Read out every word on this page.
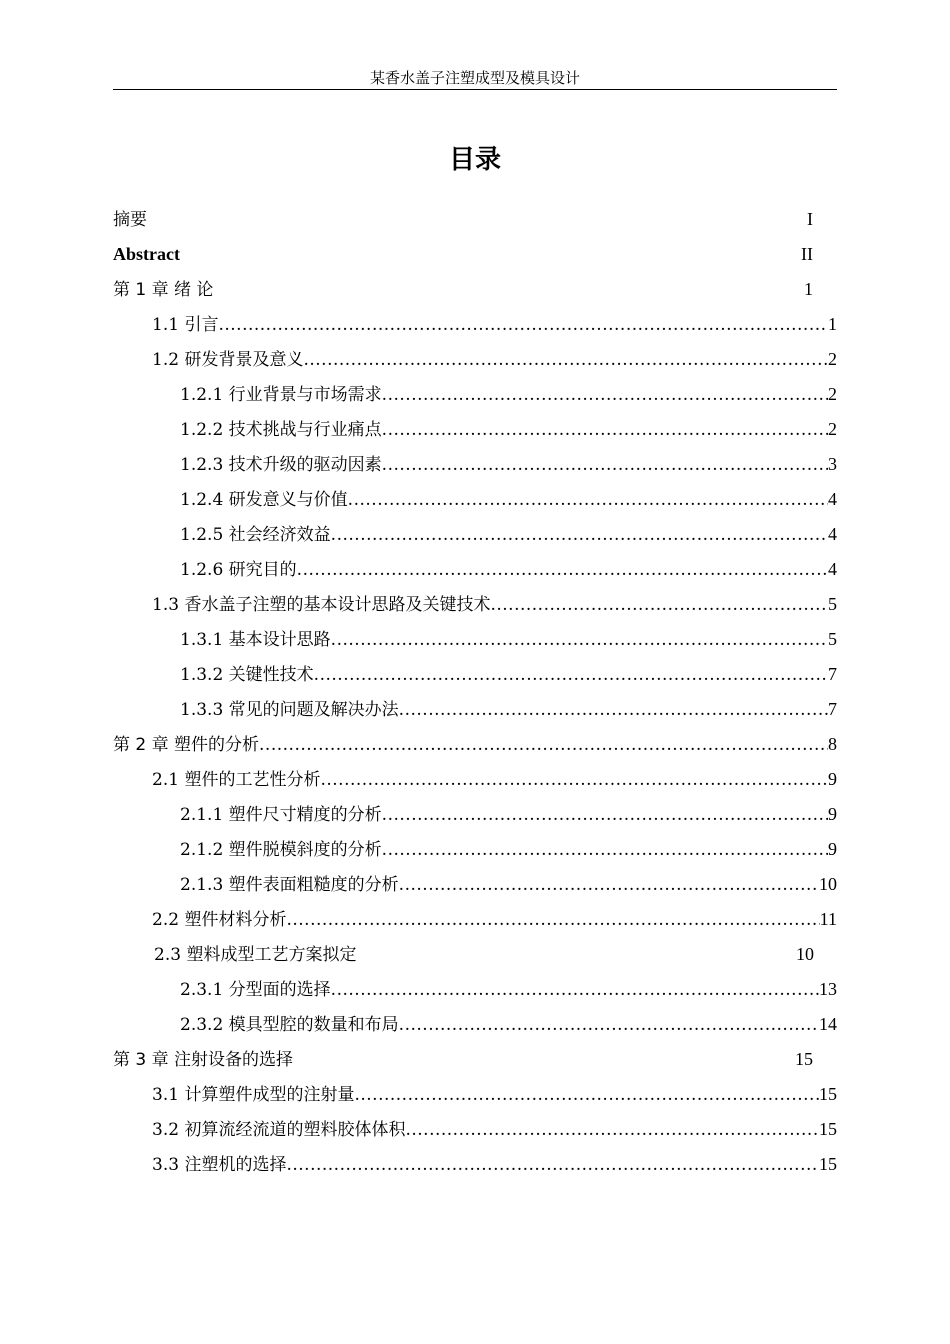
某香水盖子注塑成型及模具设计
目录
摘要	I
Abstract	II
第 1 章 绪 论	1
1.1 引言 .....	1
1.2 研发背景及意义 .....	2
1.2.1 行业背景与市场需求 .....	2
1.2.2 技术挑战与行业痛点 .....	2
1.2.3 技术升级的驱动因素 .....	3
1.2.4 研发意义与价值 .....	4
1.2.5 社会经济效益 .....	4
1.2.6 研究目的 .....	4
1.3 香水盖子注塑的基本设计思路及关键技术 .....	5
1.3.1 基本设计思路 .....	5
1.3.2 关键性技术 .....	7
1.3.3 常见的问题及解决办法 .....	7
第 2 章 塑件的分析 .....	8
2.1 塑件的工艺性分析 .....	9
2.1.1 塑件尺寸精度的分析 .....	9
2.1.2 塑件脱模斜度的分析 .....	9
2.1.3 塑件表面粗糙度的分析 .....	10
2.2 塑件材料分析 .....	11
2.3 塑料成型工艺方案拟定	10
2.3.1 分型面的选择 .....	13
2.3.2 模具型腔的数量和布局 .....	14
第 3 章 注射设备的选择	15
3.1 计算塑件成型的注射量 .....	15
3.2 初算流经流道的塑料胶体体积 .....	15
3.3 注塑机的选择 .....	15
